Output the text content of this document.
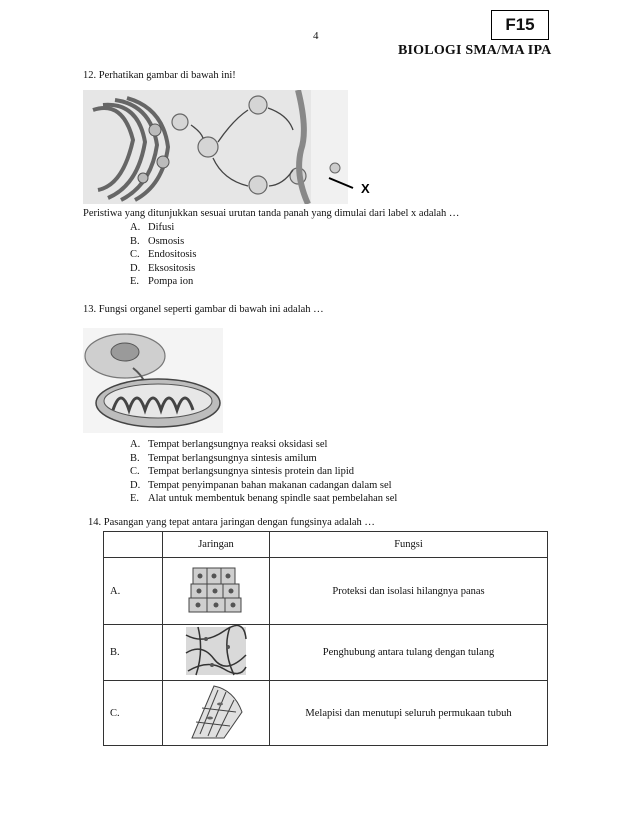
4
F15
BIOLOGI SMA/MA IPA
12. Perhatikan gambar di bawah ini!
X
Peristiwa yang ditunjukkan sesuai urutan tanda panah yang dimulai dari label x adalah …
A. Difusi
B. Osmosis
C. Endositosis
D. Eksositosis
E. Pompa ion
13. Fungsi organel seperti gambar di bawah ini adalah …
A. Tempat berlangsungnya reaksi oksidasi sel
B. Tempat berlangsungnya sintesis amilum
C. Tempat berlangsungnya sintesis protein dan lipid
D. Tempat penyimpanan bahan makanan cadangan dalam sel
E. Alat untuk membentuk benang spindle saat pembelahan sel
14. Pasangan yang tepat antara jaringan dengan fungsinya adalah …
	Jaringan	Fungsi
A.		Proteksi dan isolasi hilangnya panas
B.		Penghubung antara tulang dengan tulang
C.		Melapisi dan menutupi seluruh permukaan tubuh
